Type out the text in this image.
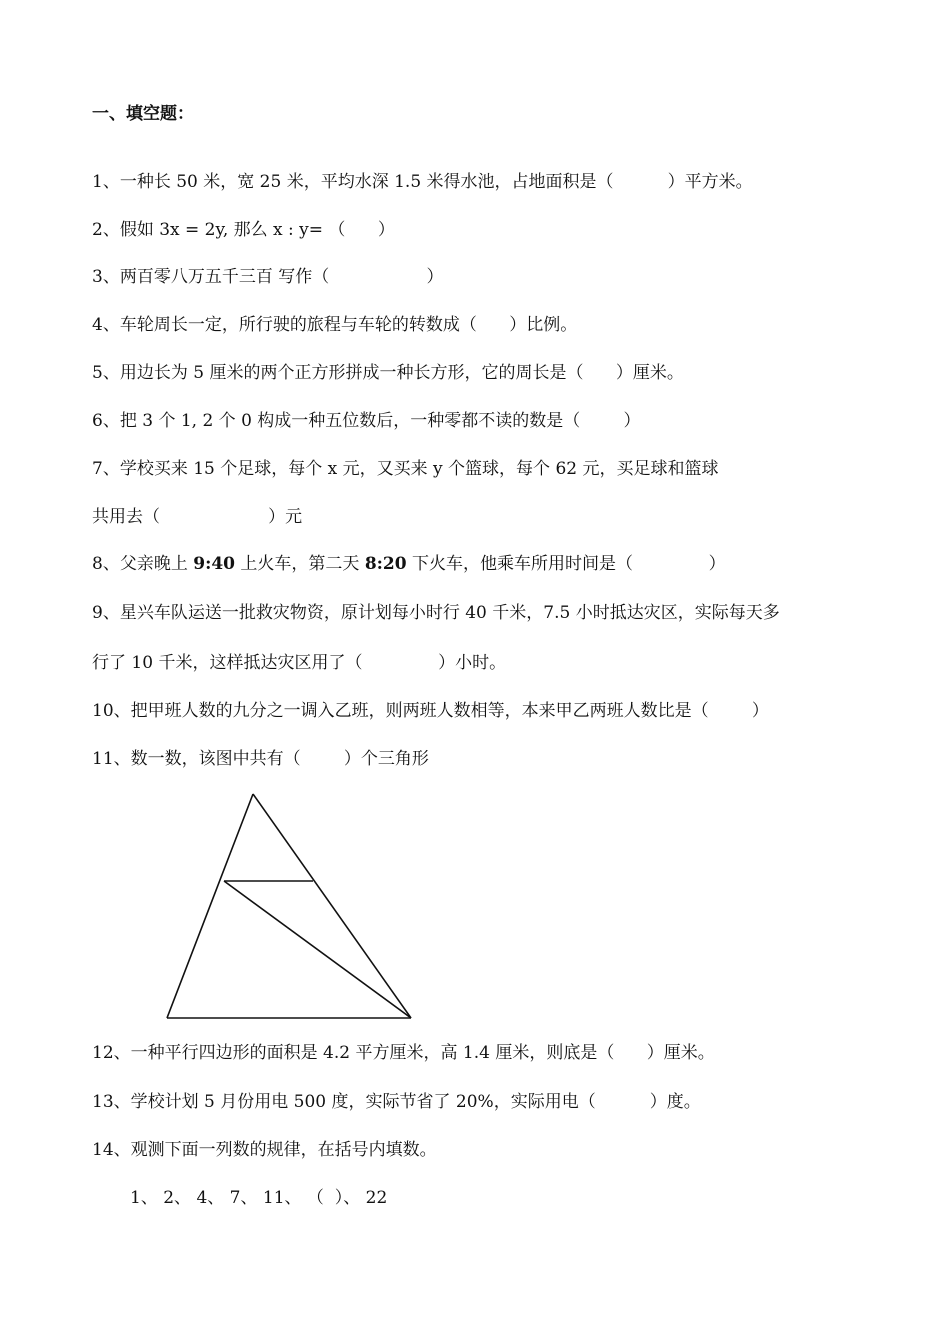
一、填空题：
1、一种长 50 米，宽 25 米，平均水深 1.5 米得水池，占地面积是（          ）平方米。
2、假如 3x = 2y, 那么 x : y= （      ）
3、两百零八万五千三百 写作（                  ）
4、车轮周长一定，所行驶的旅程与车轮的转数成（      ）比例。
5、用边长为 5 厘米的两个正方形拼成一种长方形，它的周长是（      ）厘米。
6、把 3 个 1, 2 个 0 构成一种五位数后，一种零都不读的数是（        ）
7、学校买来 15 个足球，每个 x 元，又买来 y 个篮球，每个 62 元，买足球和篮球
共用去（                    ）元
8、父亲晚上 9:40 上火车，第二天 8:20 下火车，他乘车所用时间是（              ）
9、星兴车队运送一批救灾物资，原计划每小时行 40 千米，7.5 小时抵达灾区，实际每天多
行了 10 千米，这样抵达灾区用了（              ）小时。
10、把甲班人数的九分之一调入乙班，则两班人数相等，本来甲乙两班人数比是（        ）
11、数一数，该图中共有（        ）个三角形
12、一种平行四边形的面积是 4.2 平方厘米，高 1.4 厘米，则底是（      ）厘米。
13、学校计划 5 月份用电 500 度，实际节省了 20%，实际用电（          ）度。
14、观测下面一列数的规律，在括号内填数。
1、 2、 4、 7、 11、 （  ）、 22
